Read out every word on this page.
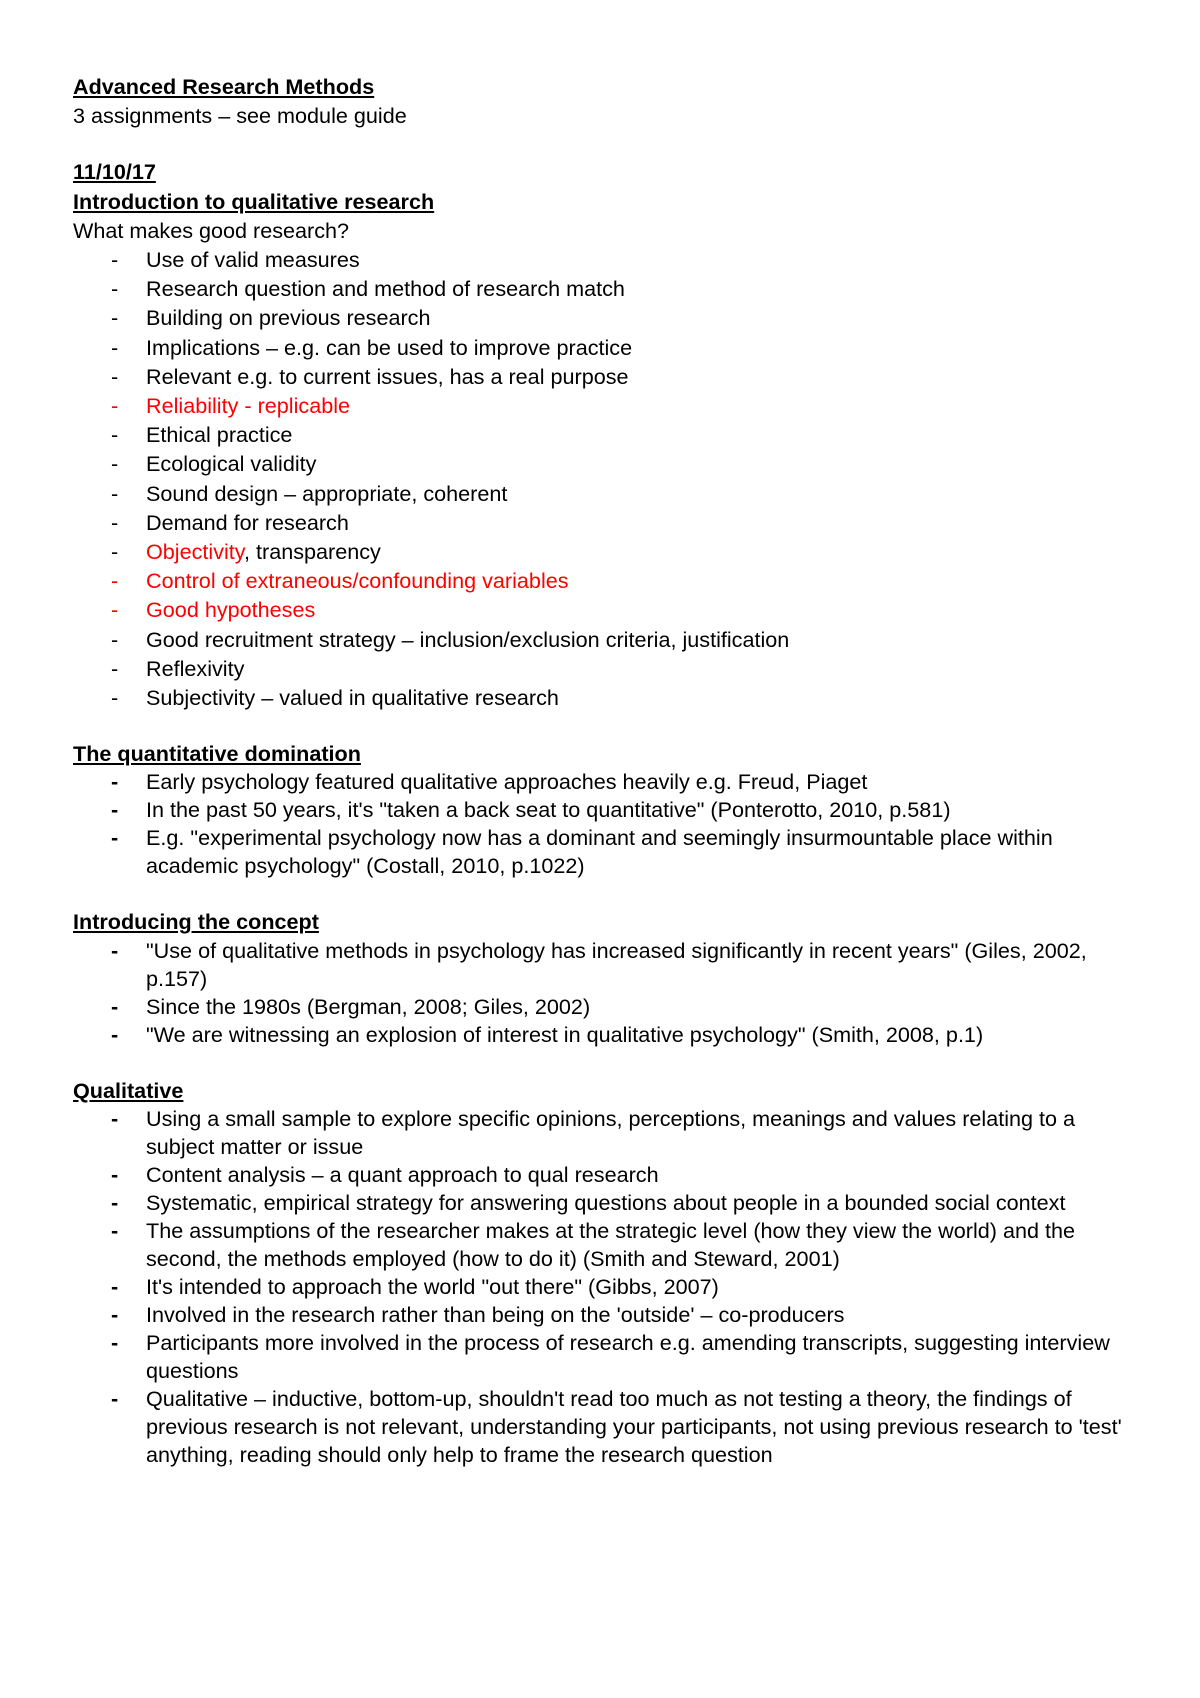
Advanced Research Methods

3 assignments – see module guide

11/10/17

Introduction to qualitative research

What makes good research?

- Use of valid measures
- Research question and method of research match
- Building on previous research
- Implications – e.g. can be used to improve practice
- Relevant e.g. to current issues, has a real purpose
- Reliability - replicable
- Ethical practice
- Ecological validity
- Sound design – appropriate, coherent
- Demand for research
- Objectivity, transparency
- Control of extraneous/confounding variables
- Good hypotheses
- Good recruitment strategy – inclusion/exclusion criteria, justification
- Reflexivity
- Subjectivity – valued in qualitative research

The quantitative domination

- Early psychology featured qualitative approaches heavily e.g. Freud, Piaget
- In the past 50 years, it's "taken a back seat to quantitative" (Ponterotto, 2010, p.581)
- E.g. "experimental psychology now has a dominant and seemingly insurmountable place within academic psychology" (Costall, 2010, p.1022)

Introducing the concept

- "Use of qualitative methods in psychology has increased significantly in recent years" (Giles, 2002, p.157)
- Since the 1980s (Bergman, 2008; Giles, 2002)
- "We are witnessing an explosion of interest in qualitative psychology" (Smith, 2008, p.1)

Qualitative

- Using a small sample to explore specific opinions, perceptions, meanings and values relating to a subject matter or issue
- Content analysis – a quant approach to qual research
- Systematic, empirical strategy for answering questions about people in a bounded social context
- The assumptions of the researcher makes at the strategic level (how they view the world) and the second, the methods employed (how to do it) (Smith and Steward, 2001)
- It's intended to approach the world "out there" (Gibbs, 2007)
- Involved in the research rather than being on the 'outside' – co-producers
- Participants more involved in the process of research e.g. amending transcripts, suggesting interview questions
- Qualitative – inductive, bottom-up, shouldn't read too much as not testing a theory, the findings of previous research is not relevant, understanding your participants, not using previous research to 'test' anything, reading should only help to frame the research question
